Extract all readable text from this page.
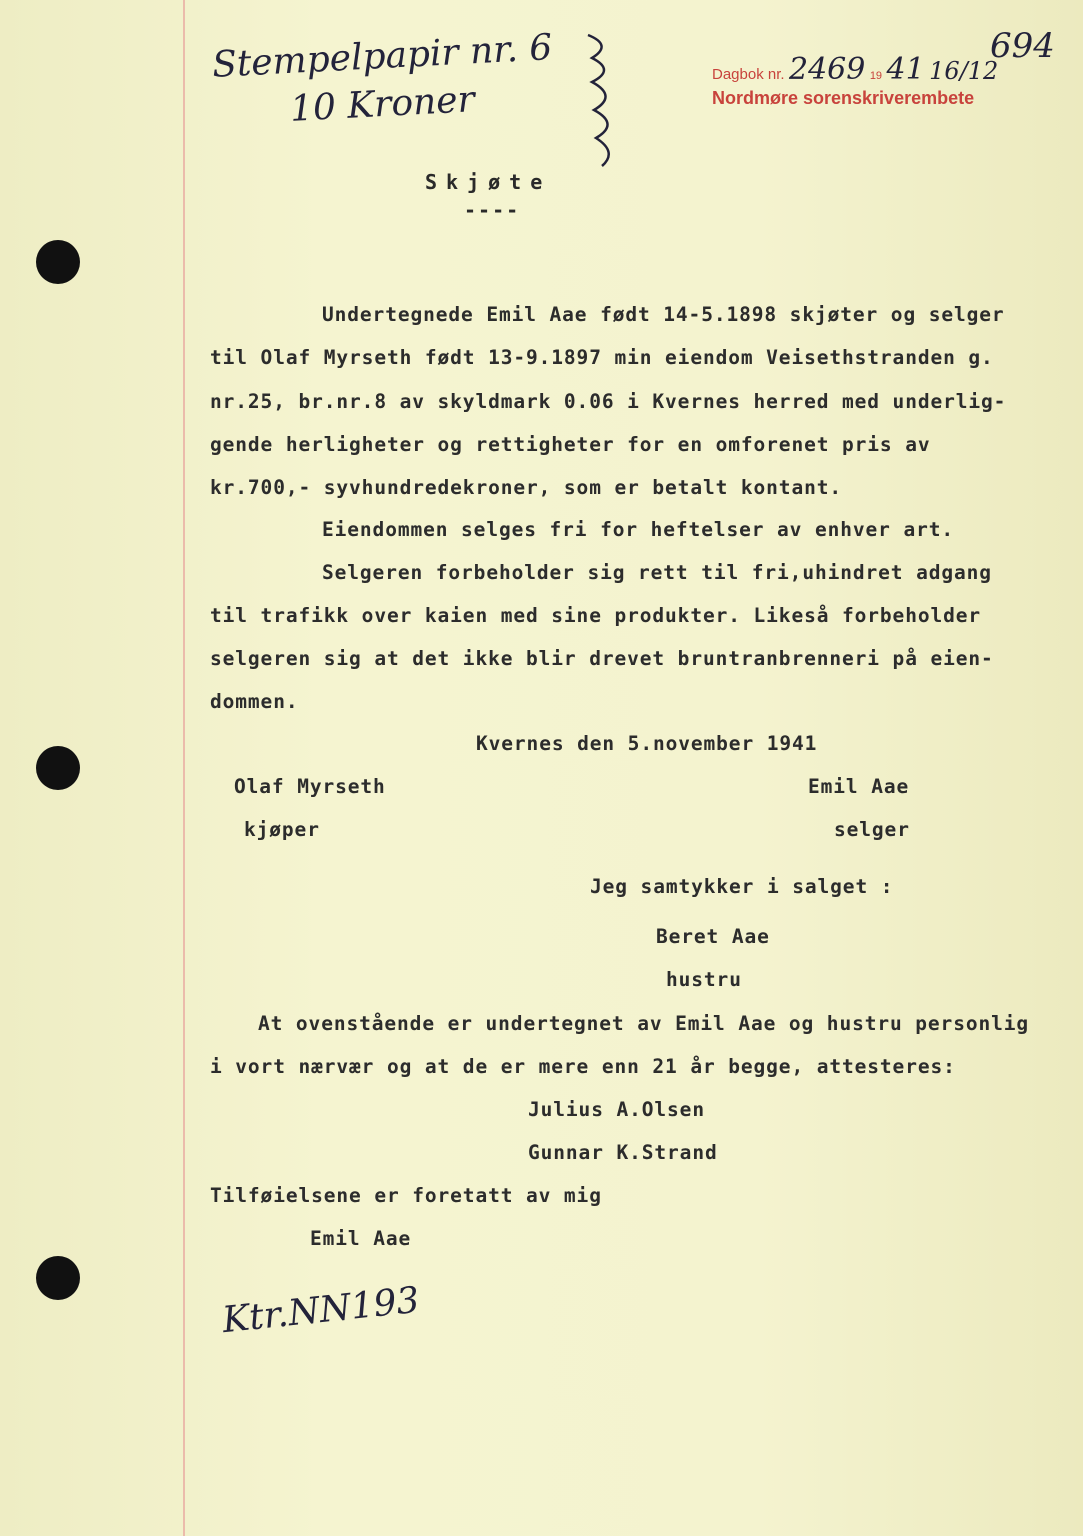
Stempelpapir nr. 6
10 Kroner
Dagbok nr. 2469 19 41 16/12
Nordmøre sorenskriverembete
694
Skjøte
----
Undertegnede Emil Aae født 14-5.1898 skjøter og selger
til Olaf Myrseth født 13-9.1897 min eiendom Veisethstranden g.
nr.25, br.nr.8 av skyldmark 0.06 i Kvernes herred med underlig-
gende herligheter og rettigheter for en omforenet pris av
kr.700,- syvhundredekroner, som er betalt kontant.
Eiendommen selges fri for heftelser av enhver art.
Selgeren forbeholder sig rett til fri,uhindret adgang
til trafikk over kaien med sine produkter. Likeså forbeholder
selgeren sig at det ikke blir drevet bruntranbrenneri på eien-
dommen.
Kvernes den 5.november 1941
Olaf Myrseth	Emil Aae
kjøper	selger
Jeg samtykker i salget :
Beret Aae
hustru
At ovenstående er undertegnet av Emil Aae og hustru personlig
i vort nærvær og at de er mere enn 21 år begge, attesteres:
Julius A.Olsen
Gunnar K.Strand
Tilføielsene er foretatt av mig
Emil Aae
Ktr.NN193
